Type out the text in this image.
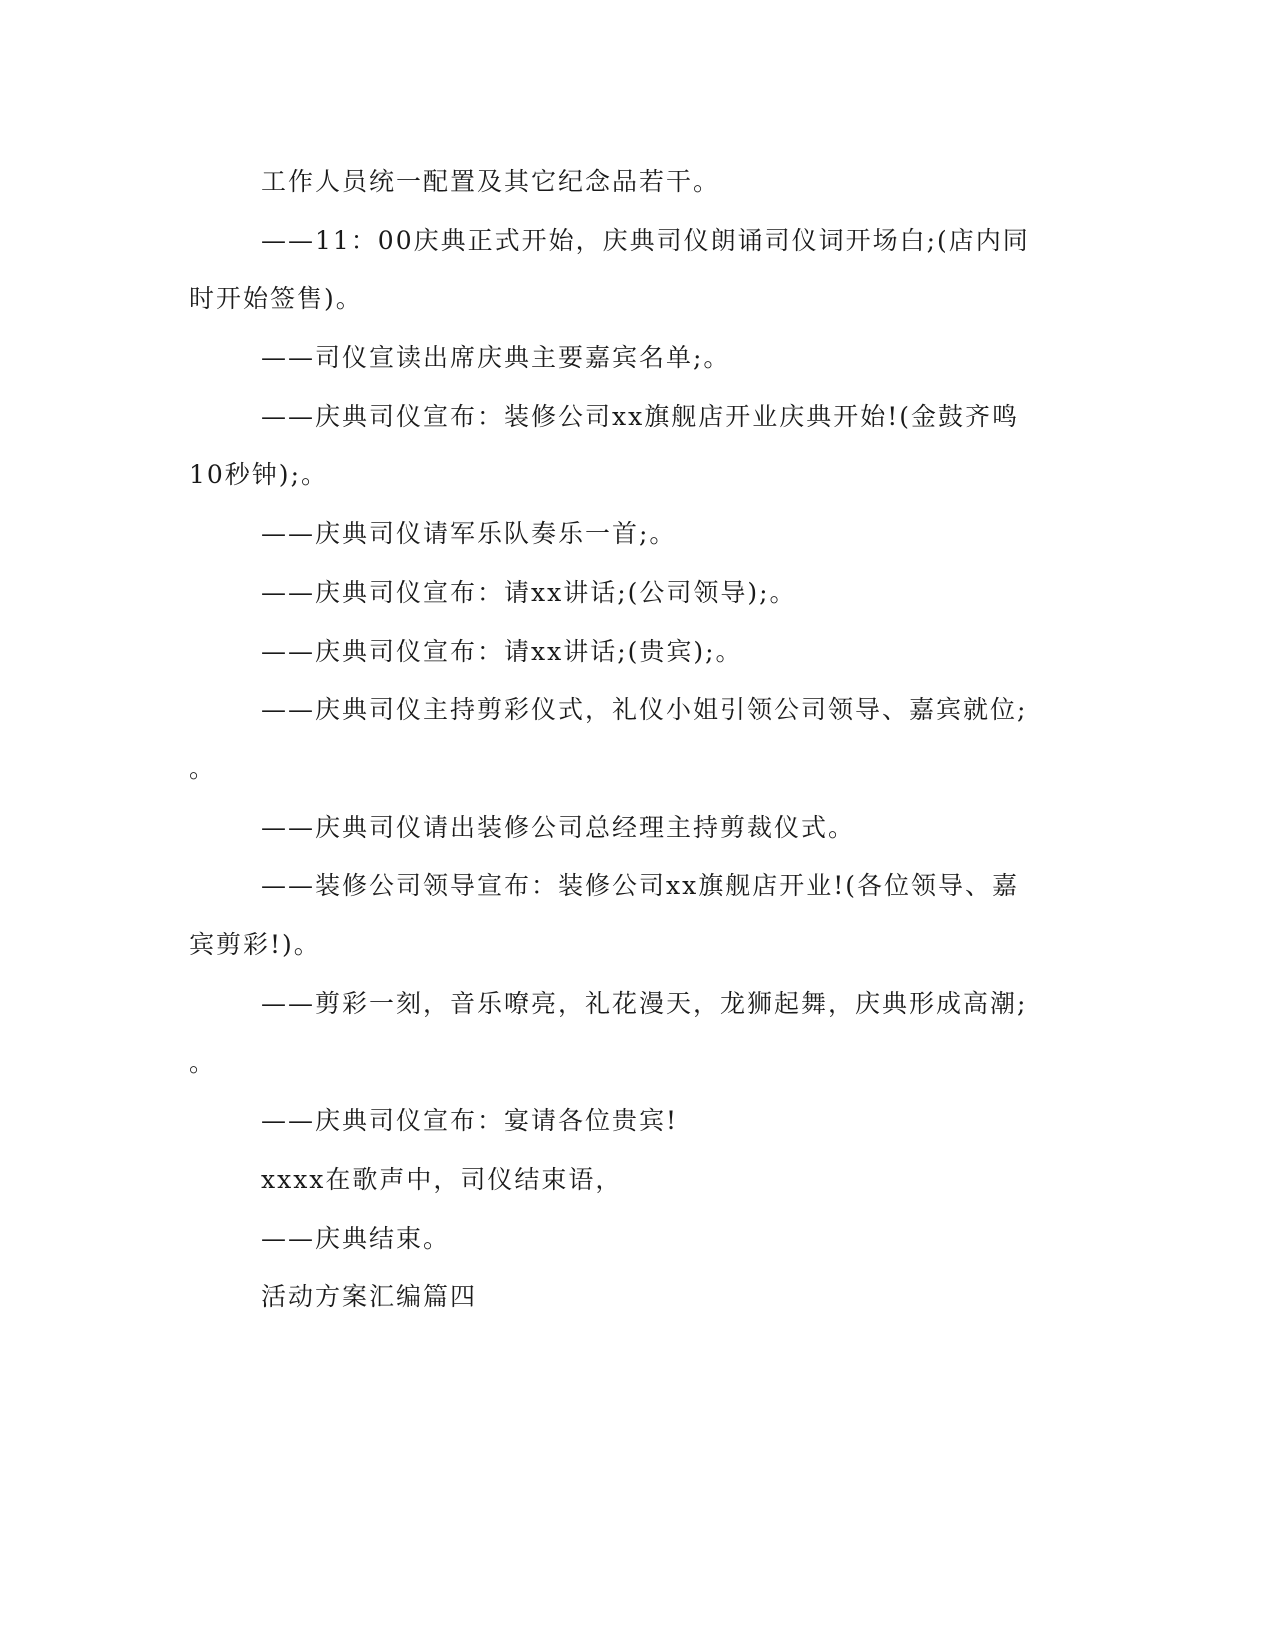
工作人员统一配置及其它纪念品若干。
——11：00庆典正式开始，庆典司仪朗诵司仪词开场白;(店内同
时开始签售)。
——司仪宣读出席庆典主要嘉宾名单;。
——庆典司仪宣布：装修公司xx旗舰店开业庆典开始!(金鼓齐鸣
10秒钟);。
——庆典司仪请军乐队奏乐一首;。
——庆典司仪宣布：请xx讲话;(公司领导);。
——庆典司仪宣布：请xx讲话;(贵宾);。
——庆典司仪主持剪彩仪式，礼仪小姐引领公司领导、嘉宾就位;
。
——庆典司仪请出装修公司总经理主持剪裁仪式。
——装修公司领导宣布：装修公司xx旗舰店开业!(各位领导、嘉
宾剪彩!)。
——剪彩一刻，音乐嘹亮，礼花漫天，龙狮起舞，庆典形成高潮;
。
——庆典司仪宣布：宴请各位贵宾!
xxxx在歌声中，司仪结束语，
——庆典结束。
活动方案汇编篇四
